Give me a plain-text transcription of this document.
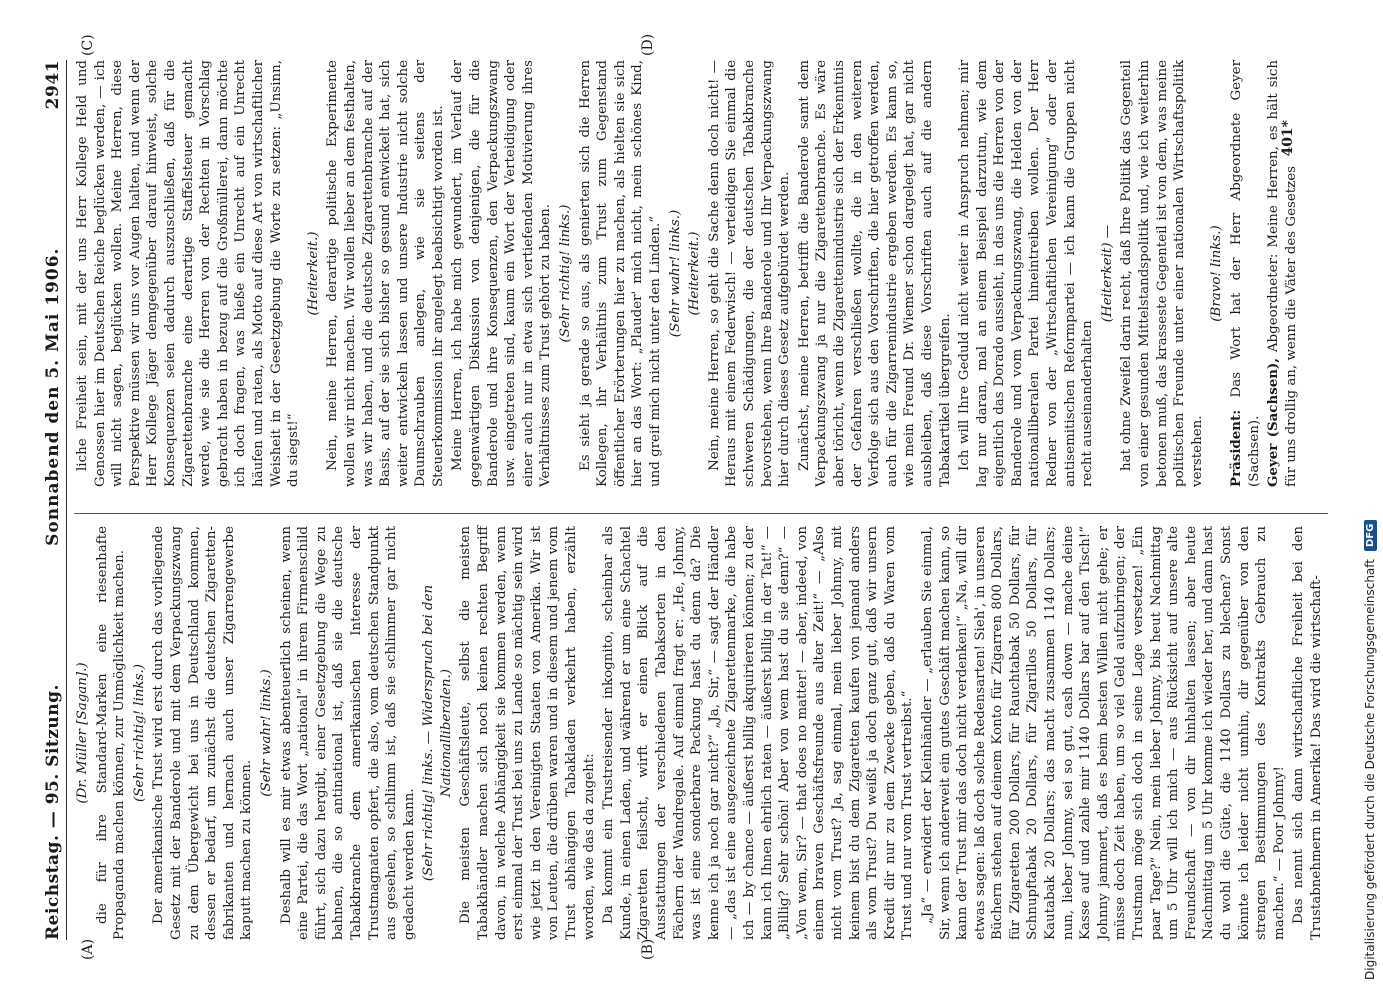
Reichstag. — 95. Sitzung.
Sonnabend den 5. Mai 1906.
2941
(A)	(B)
(C)	(D)

(Dr. Müller [Sagan].) die für ihre Standard-Marken eine riesenhafte Propaganda machen können, zur Unmöglichkeit machen. (Sehr richtig! links.) Der amerikanische Trust wird erst durch das vorliegende Gesetz mit der Banderole und mit dem Verpackungszwang zu dem Übergewicht bei uns in Deutschland kommen, dessen er bedarf, um zunächst die deutschen Zigaretten-fabrikanten und hernach auch unser Zigarrengewerbe kaputt machen zu können.

(Sehr wahr! links.) Deshalb will es mir etwas abenteuerlich scheinen, wenn eine Partei, die das Wort „national“ in ihrem Firmenschild führt, sich dazu hergibt, einer Gesetzgebung die Wege zu bahnen, die so antinational ist, daß sie die deutsche Tabakbranche dem amerikanischen Interesse der Trustmagnaten opfert, die also, vom deutschen Standpunkt aus gesehen, so schlimm ist, daß sie schlimmer gar nicht gedacht werden kann. (Sehr richtig! links. — Widerspruch bei den Nationalliberalen.) Die meisten Geschäftsleute, selbst die meisten Tabakhändler machen sich noch keinen rechten Begriff davon, in welche Abhängigkeit sie kommen werden, wenn erst einmal der Trust bei uns zu Lande so mächtig sein wird wie jetzt in den Vereinigten Staaten von Amerika. Wir ist von Leuten, die drüben waren und in diesem und jenem vom Trust abhängigen Tabakladen verkehrt haben, erzählt worden, wie das da zugeht: Da kommt ein Trustreisender inkognito, scheinbar als Kunde, in einen Laden, und während er um eine Schachtel Zigaretten feilscht, wirft er einen Blick auf die Ausstattungen der verschiedenen Tabaksorten in den Fächern der Wandregale. Auf einmal fragt er: „He, Johnny, was ist eine sonderbare Packung hast du denn da? Die kenne ich ja noch gar nicht?“ „Ja, Sir,“ — sagt der Händler — „das ist eine ausgezeichnete Zigarettenmarke, die habe ich — by chance — äußerst billig akquirieren können; zu der kann ich Ihnen ehrlich raten — äußerst billig in der Tat!“ — „Billig? Sehr schön! Aber von wem hast du sie denn?“ — „Von wem, Sir? — that does no matter! — aber, indeed, von einem braven Geschäftsfreunde aus alter Zeit!“ — „Also nicht vom Trust? Ja, sag einmal, mein lieber Johnny, mit keinem bist du dem Zigaretten kaufen von jemand anders als vom Trust? Du weißt ja doch ganz gut, daß wir unsern Kredit dir nur zu dem Zwecke geben, daß du Waren vom Trust und nur vom Trust vertreibst.“ „Ja“ — erwidert der Kleinhändler — „erlauben Sie einmal, Sir, wenn ich anderweit ein gutes Geschäft machen kann, so kann der Trust mir das doch nicht verdenken!“ „Na, will dir etwas sagen: laß doch solche Redensarten! Sieh', in unseren Büchern stehen auf deinem Konto für Zigarren 800 Dollars, für Zigaretten 200 Dollars, für Rauchtabak 50 Dollars, für Schnupftabak 20 Dollars, für Zigarillos 50 Dollars, für Kautabak 20 Dollars; das macht zusammen 1140 Dollars; nun, lieber Johnny, sei so gut, cash down — mache deine Kasse auf und zahle mir 1140 Dollars bar auf den Tisch!“ Johnny jammert, daß es beim besten Willen nicht gehe; er müsse doch Zeit haben, um so viel Geld aufzubringen; der Trustman möge sich doch in seine Lage versetzen! „Ein paar Tage?“ Nein, mein lieber Johnny, bis heut Nachmittag um 5 Uhr will ich mich — aus Rücksicht auf unsere alte Freundschaft — von dir hinhalten lassen; aber heute Nachmittag um 5 Uhr komme ich wieder her, und dann hast du wohl die Güte, die 1140 Dollars zu blechen? Sonst könnte ich leider nicht umhin, dir gegenüber von den strengen Bestimmungen des Kontrakts Gebrauch zu machen.“ — Poor Johnny! Das nennt sich dann wirtschaftliche Freiheit bei den Trustabnehmern in Amerika! Das wird die wirtschaft-

liche Freiheit sein, mit der uns Herr Kollege Held und Genossen hier im Deutschen Reiche beglücken werden, — ich will nicht sagen, beglücken wollen. Meine Herren, diese Perspektive müssen wir uns vor Augen halten, und wenn der Herr Kollege Jäger demgegenüber darauf hinweist, solche Konsequenzen seien dadurch auszuschließen, daß für die Zigarettenbranche eine derartige Staffelsteuer gemacht werde, wie sie die Herren von der Rechten in Vorschlag gebracht haben in bezug auf die Großmüllerei, dann möchte ich doch fragen, was hieße ein Unrecht auf ein Unrecht häufen und raten, als Motto auf diese Art von wirtschaftlicher Weisheit in der Gesetzgebung die Worte zu setzen: „Unsinn, du siegst!“

(Heiterkeit.) Nein, meine Herren, derartige politische Experimente wollen wir nicht machen. Wir wollen lieber an dem festhalten, was wir haben, und die deutsche Zigarettenbranche auf der Basis, auf der sie sich bisher so gesund entwickelt hat, sich weiter entwickeln lassen und unsere Industrie nicht solche Daumschrauben anlegen, wie sie seitens der Steuerkommission ihr angelegt beabsichtigt worden ist. Meine Herren, ich habe mich gewundert, im Verlauf der gegenwärtigen Diskussion von denjenigen, die für die Banderole und ihre Konsequenzen, den Verpackungszwang usw. eingetreten sind, kaum ein Wort der Verteidigung oder einer auch nur in etwa sich vertiefenden Motivierung ihres Verhältnisses zum Trust gehört zu haben. (Sehr richtig! links.) Es sieht ja gerade so aus, als genierten sich die Herren Kollegen, ihr Verhältnis zum Trust zum Gegenstand öffentlicher Erörterungen hier zu machen, als hielten sie sich hier an das Wort: „Plauder' mich nicht, mein schönes Kind, und greif mich nicht unter den Linden.“ (Sehr wahr! links.) (Heiterkeit.) Nein, meine Herren, so geht die Sache denn doch nicht! — Heraus mit einem Federwisch! — verteidigen Sie einmal die schweren Schädigungen, die der deutschen Tabakbranche bevorstehen, wenn Ihre Banderole und Ihr Verpackungszwang hier durch dieses Gesetz aufgebürdet werden. Zunächst, meine Herren, betrifft die Banderole samt dem Verpackungszwang ja nur die Zigarettenbranche. Es wäre aber töricht, wenn die Zigarettenindustrie sich der Erkenntnis der Gefahren verschließen wollte, die in den weiteren Verfolge sich aus den Vorschriften, die hier getroffen werden, auch für die Zigarrenindustrie ergeben werden. Es kann so, wie mein Freund Dr. Wiemer schon dargelegt hat, gar nicht ausbleiben, daß diese Vorschriften auch auf die andern Tabakartikel übergreifen. Ich will Ihre Geduld nicht weiter in Anspruch nehmen; mir lag nur daran, mal an einem Beispiel darzutun, wie dem eigentlich das Dorado aussieht, in das uns die Herren von der Banderole und vom Verpackungszwang, die Helden von der nationalliberalen Partei hineintreiben wollen. Der Herr Redner von der „Wirtschaftlichen Vereinigung“ oder der antisemitischen Reformpartei — ich kann die Gruppen nicht recht auseinanderhalten

(Heiterkeit) — hat ohne Zweifel darin recht, daß Ihre Politik das Gegenteil von einer gesunden Mittelstandspolitik und, wie ich weiterhin betonen muß, das krasseste Gegenteil ist von dem, was meine politischen Freunde unter einer nationalen Wirtschaftspolitik verstehen.

(Bravo! links.)

Präsident: Das Wort hat der Herr Abgeordnete Geyer (Sachsen). Geyer (Sachsen), Abgeordneter: Meine Herren, es hält sich für uns drollig an, wenn die Väter des Gesetzes

401*
Digitalisierung gefördert durch die Deutsche Forschungsgemeinschaft
DFG
